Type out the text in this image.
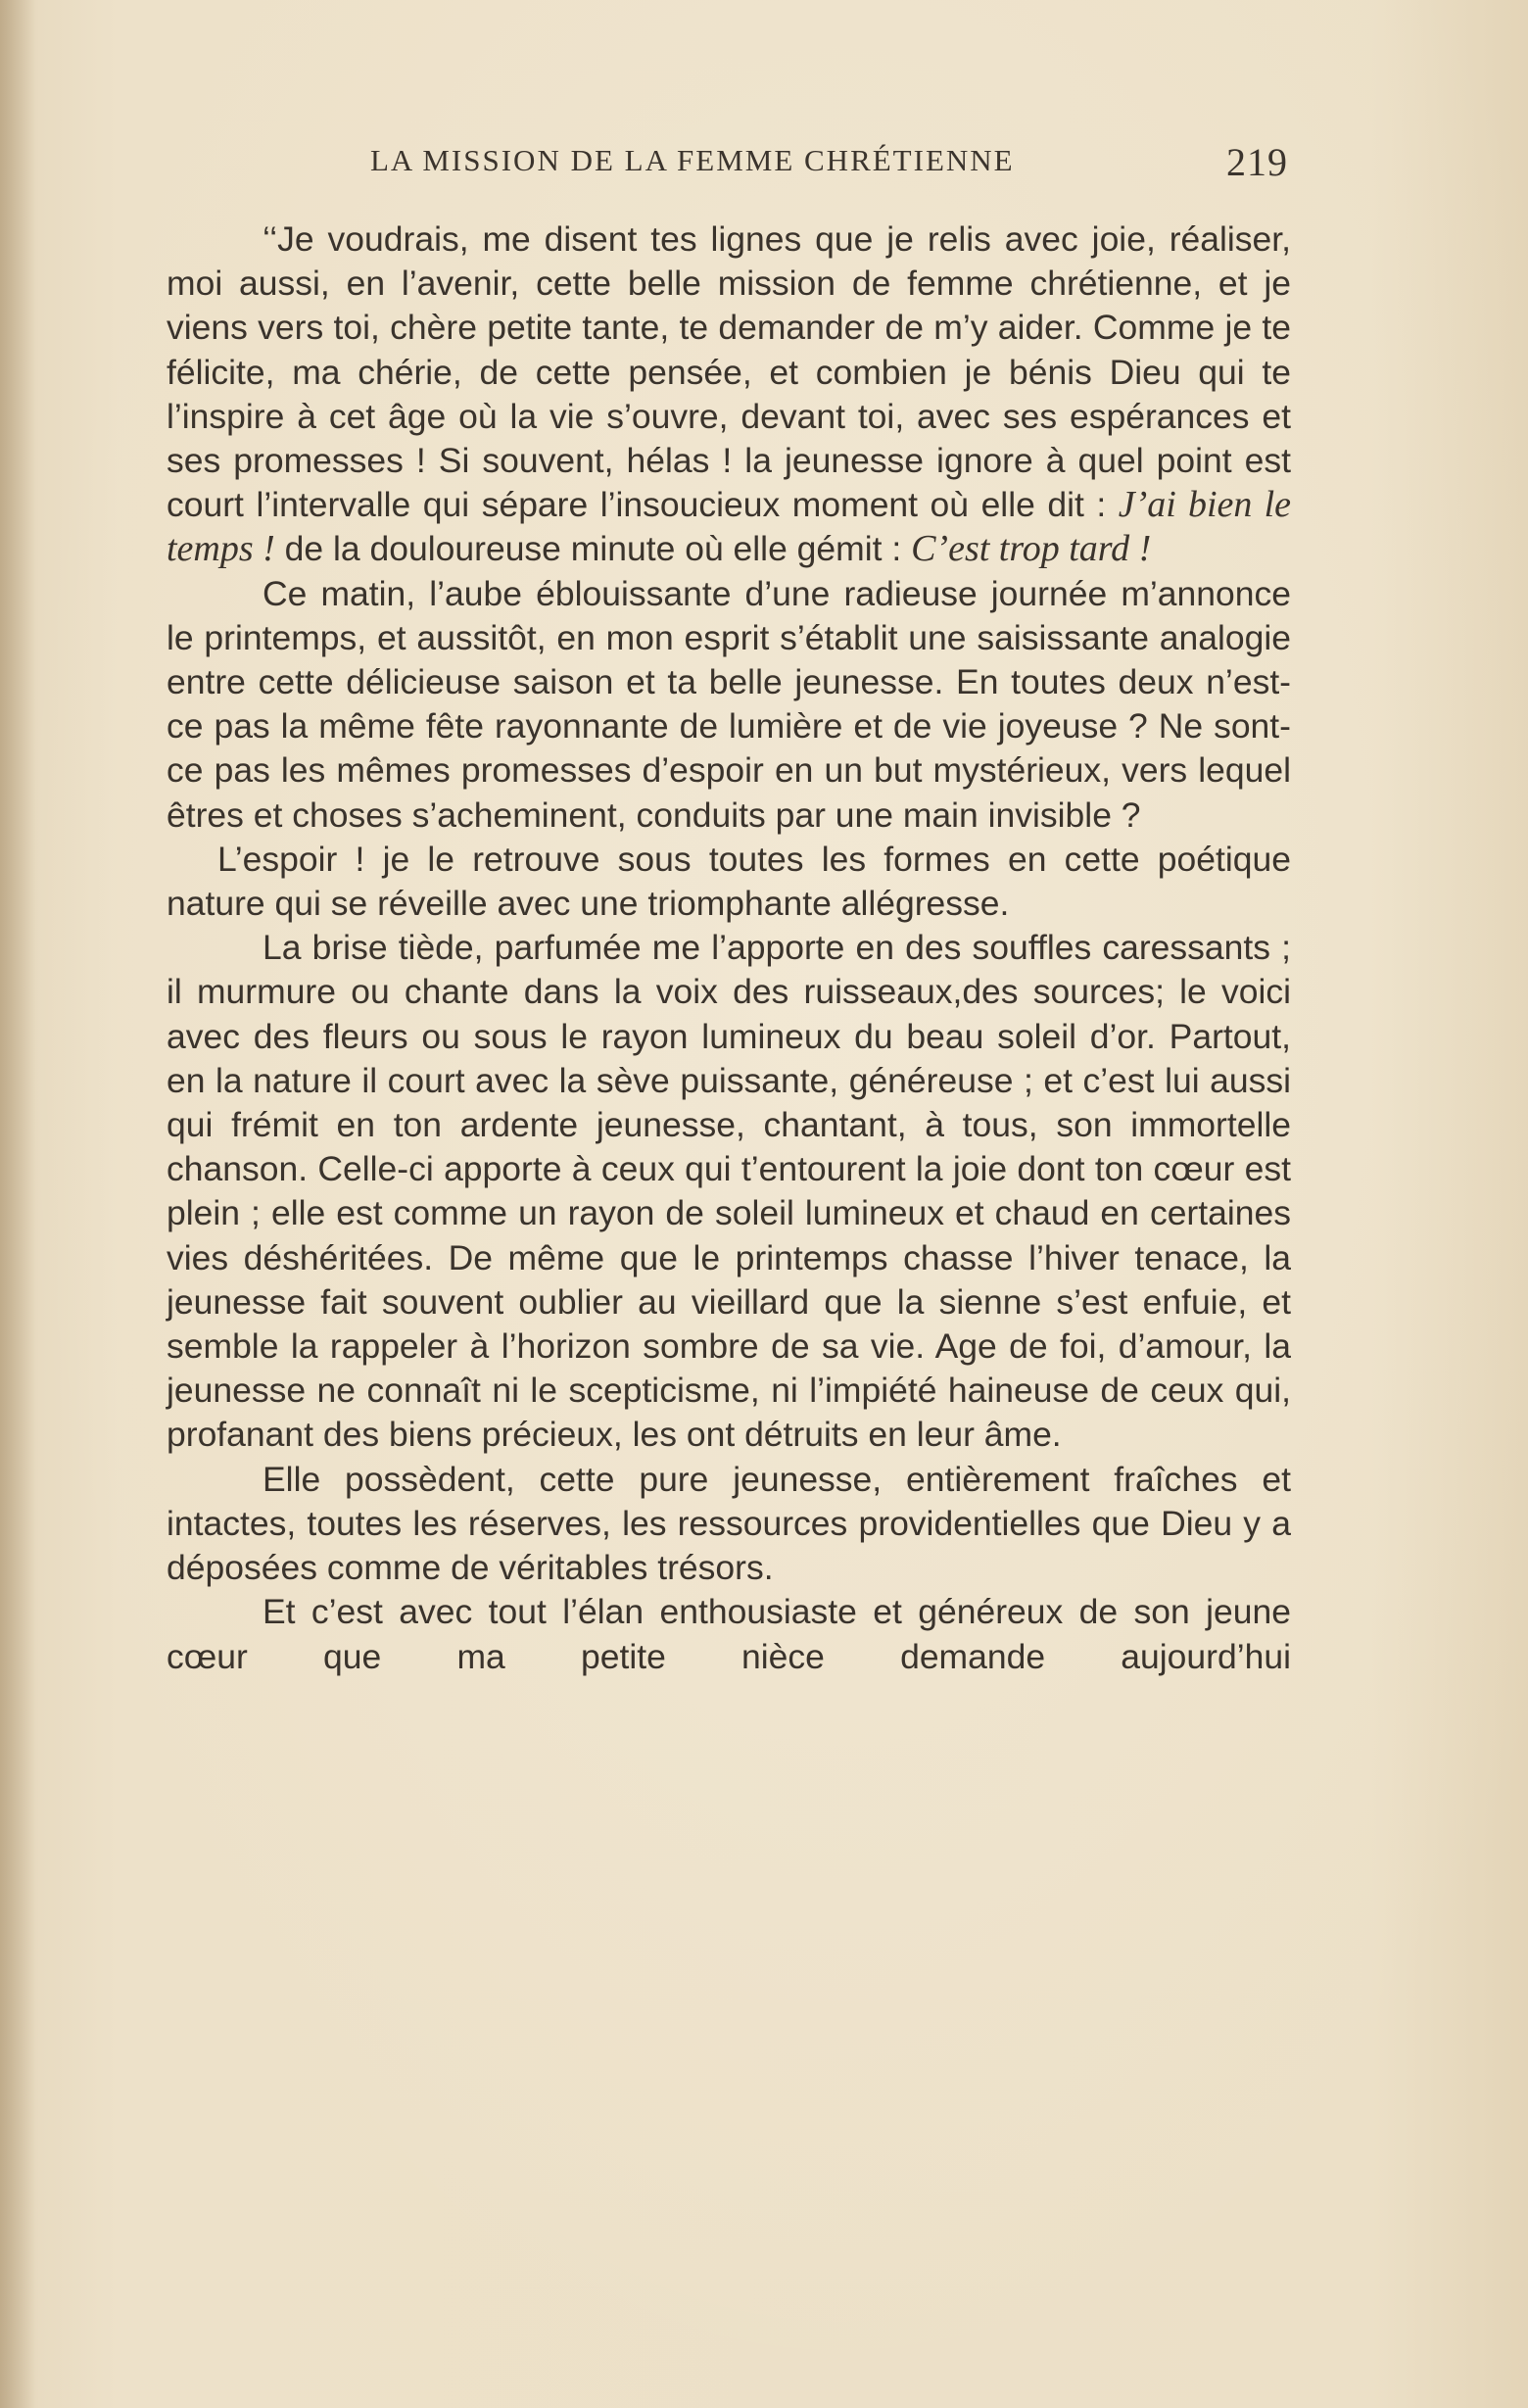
LA MISSION DE LA FEMME CHRÉTIENNE	219

‘‘Je voudrais, me disent tes lignes que je relis avec joie, réaliser, moi aussi, en l’avenir, cette belle mission de femme chrétienne, et je viens vers toi, chère petite tante, te demander de m’y aider. Comme je te félicite, ma chérie, de cette pensée, et combien je bénis Dieu qui te l’inspire à cet âge où la vie s’ouvre, devant toi, avec ses espérances et ses promesses ! Si souvent, hélas ! la jeunesse ignore à quel point est court l’intervalle qui sépare l’insoucieux moment où elle dit : J’ai bien le temps ! de la douloureuse minute où elle gémit : C’est trop tard !

Ce matin, l’aube éblouissante d’une radieuse journée m’annonce le printemps, et aussitôt, en mon esprit s’établit une saisissante analogie entre cette délicieuse saison et ta belle jeunesse. En toutes deux n’est-ce pas la même fête rayonnante de lumière et de vie joyeuse ? Ne sont-ce pas les mêmes promesses d’espoir en un but mystérieux, vers lequel êtres et choses s’acheminent, conduits par une main invisible ?

L’espoir ! je le retrouve sous toutes les formes en cette poétique nature qui se réveille avec une triomphante allégresse.

La brise tiède, parfumée me l’apporte en des souffles caressants ; il murmure ou chante dans la voix des ruisseaux,des sources; le voici avec des fleurs ou sous le rayon lumineux du beau soleil d’or. Partout, en la nature il court avec la sève puissante, généreuse ; et c’est lui aussi qui frémit en ton ardente jeunesse, chantant, à tous, son immortelle chanson. Celle-ci apporte à ceux qui t’entourent la joie dont ton cœur est plein ; elle est comme un rayon de soleil lumineux et chaud en certaines vies déshéritées. De même que le printemps chasse l’hiver tenace, la jeunesse fait souvent oublier au vieillard que la sienne s’est enfuie, et semble la rappeler à l’horizon sombre de sa vie. Age de foi, d’amour, la jeunesse ne connaît ni le scepticisme, ni l’impiété haineuse de ceux qui, profanant des biens précieux, les ont détruits en leur âme.

Elle possèdent, cette pure jeunesse, entièrement fraîches et intactes, toutes les réserves, les ressources providentielles que Dieu y a déposées comme de véritables trésors.

Et c’est avec tout l’élan enthousiaste et généreux de son jeune cœur que ma petite nièce demande aujourd’hui
